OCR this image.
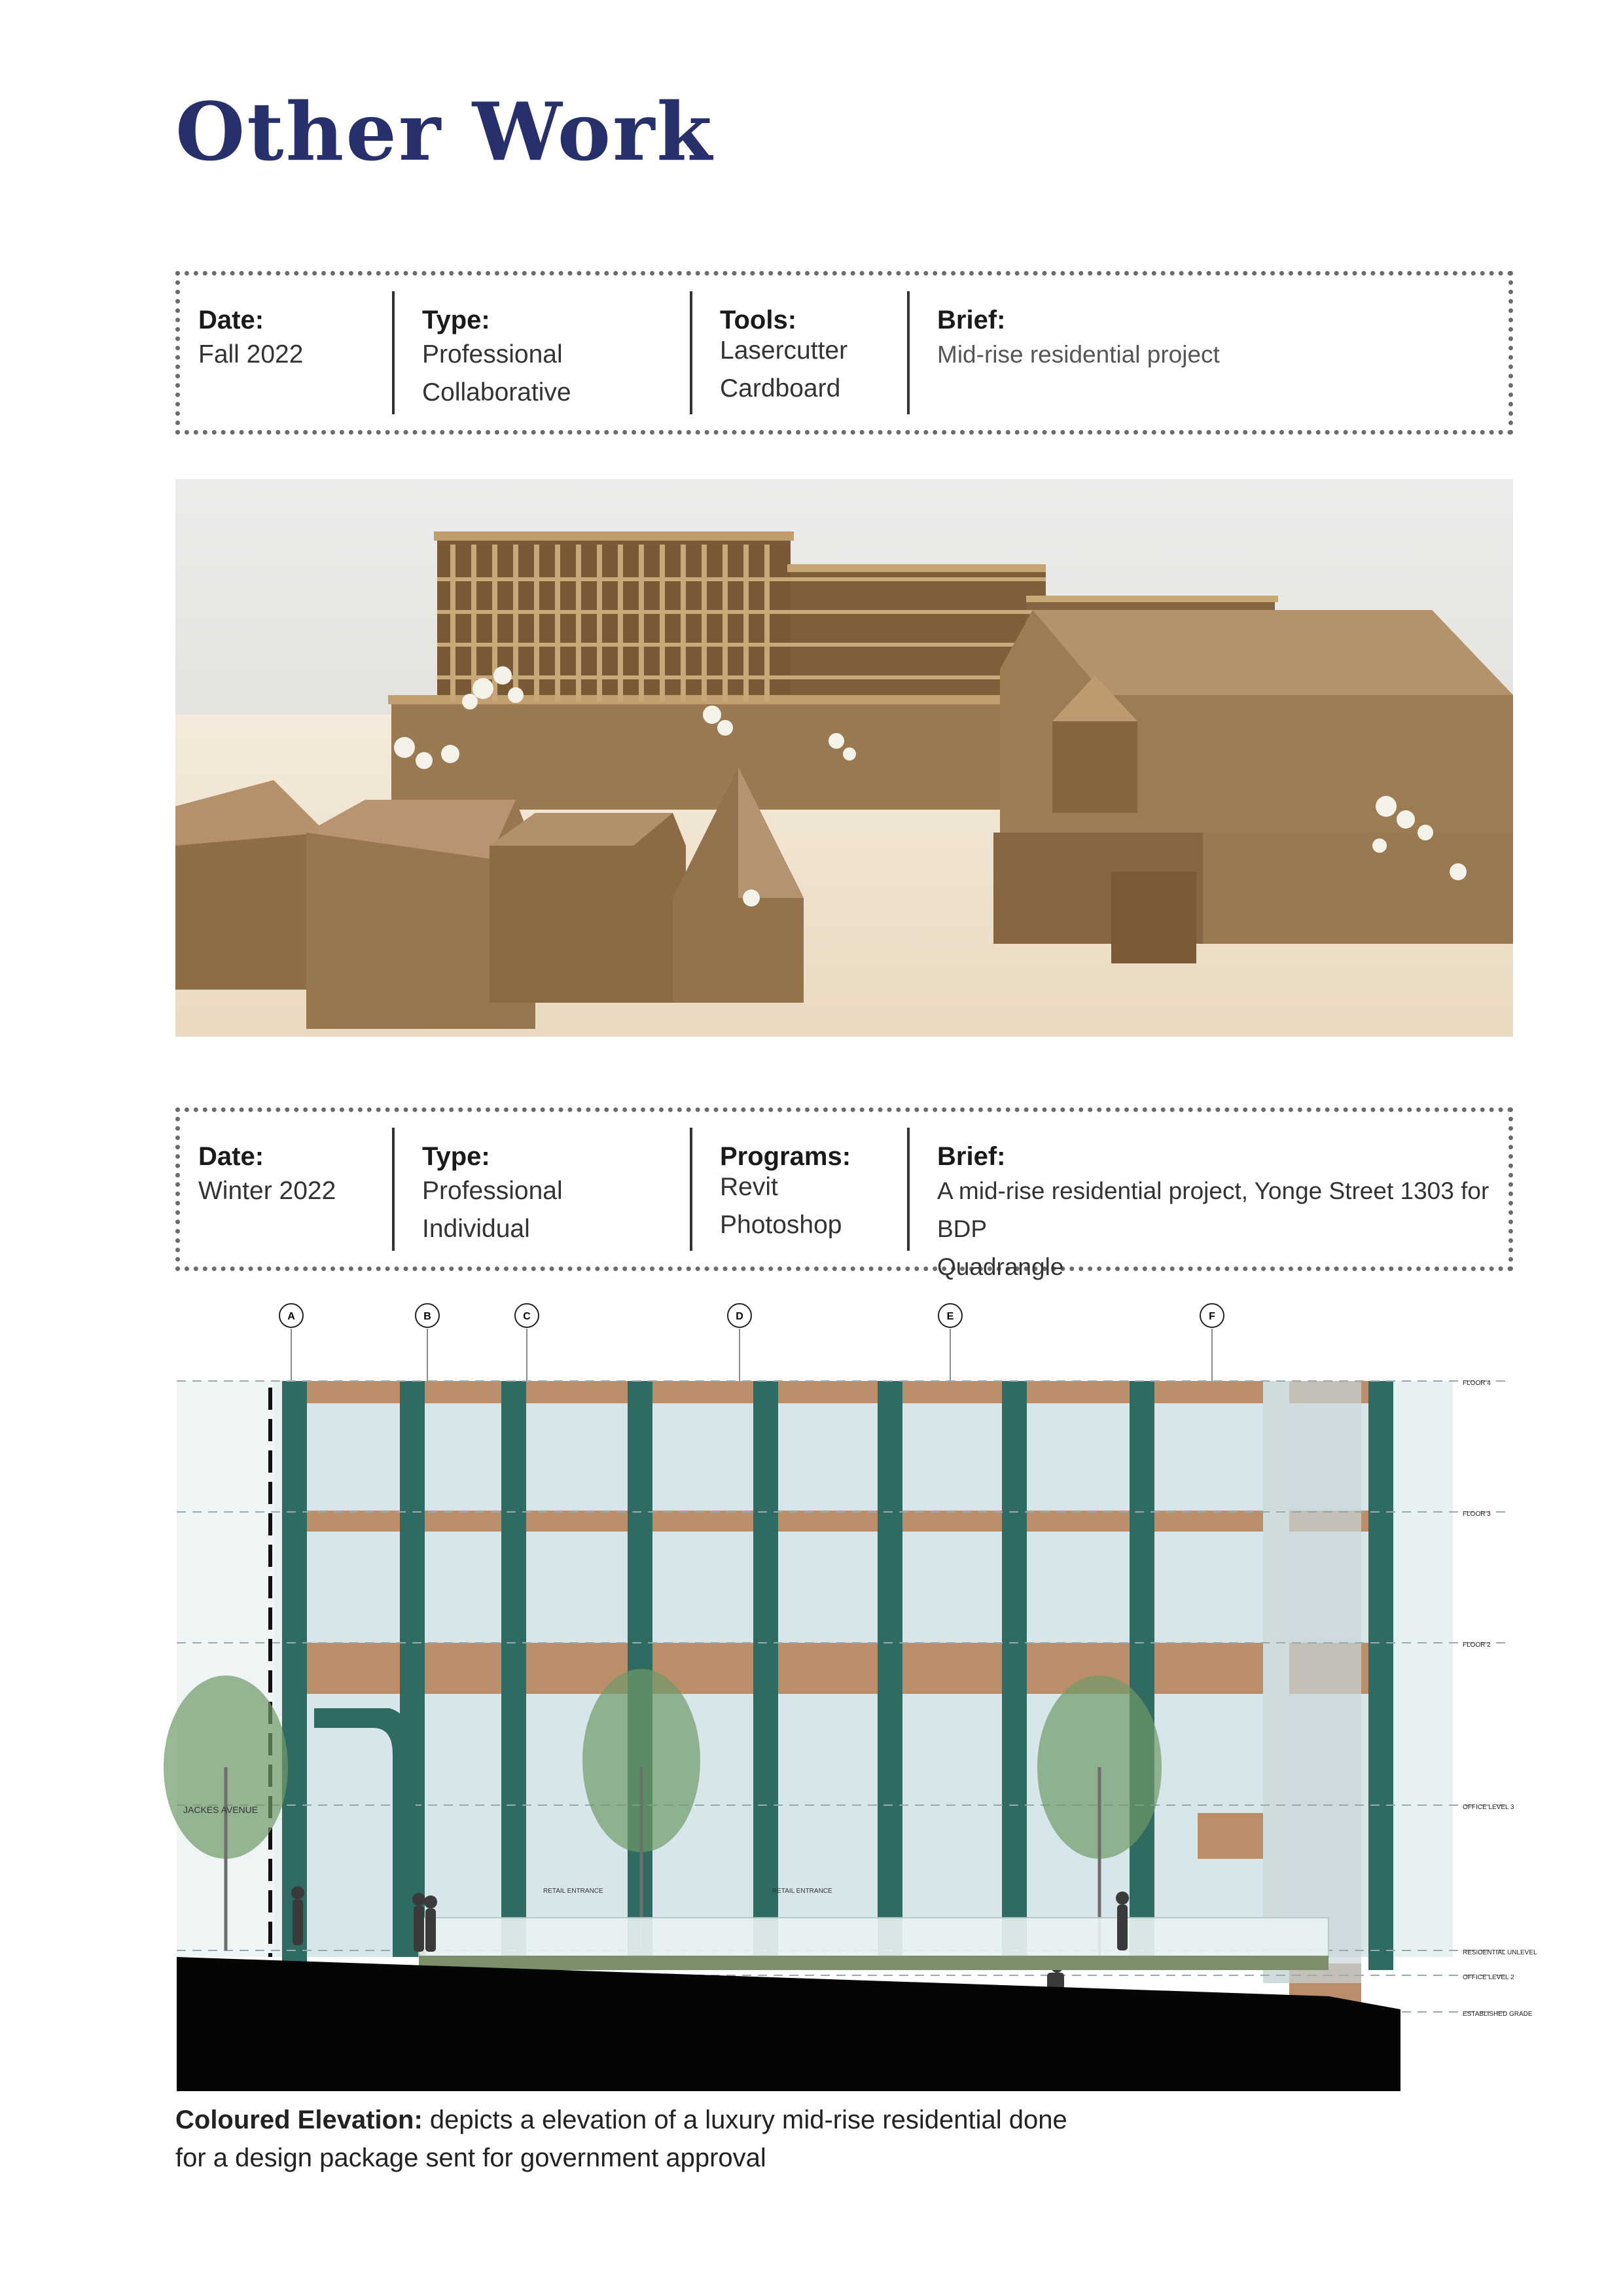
Other Work
Date:
Fall 2022
Type:
Professional
Collaborative
Tools:
Lasercutter
Cardboard
Brief:
Mid-rise residential project
Date:
Winter 2022
Type:
Professional
Individual
Programs:
Revit
Photoshop
Brief:
A mid-rise residential project, Yonge Street 1303 for BDP
Quadrangle
A	B	C	D	E	F
JACKES AVENUE
RETAIL ENTRANCE	RETAIL ENTRANCE
FLOOR 4
FLOOR 3
FLOOR 2
OFFICE LEVEL 3
RESIDENTIAL UNLEVEL
OFFICE LEVEL 2
ESTABLISHED GRADE
Coloured Elevation: depicts a elevation of a luxury mid-rise residential done
for a design package sent for government approval
